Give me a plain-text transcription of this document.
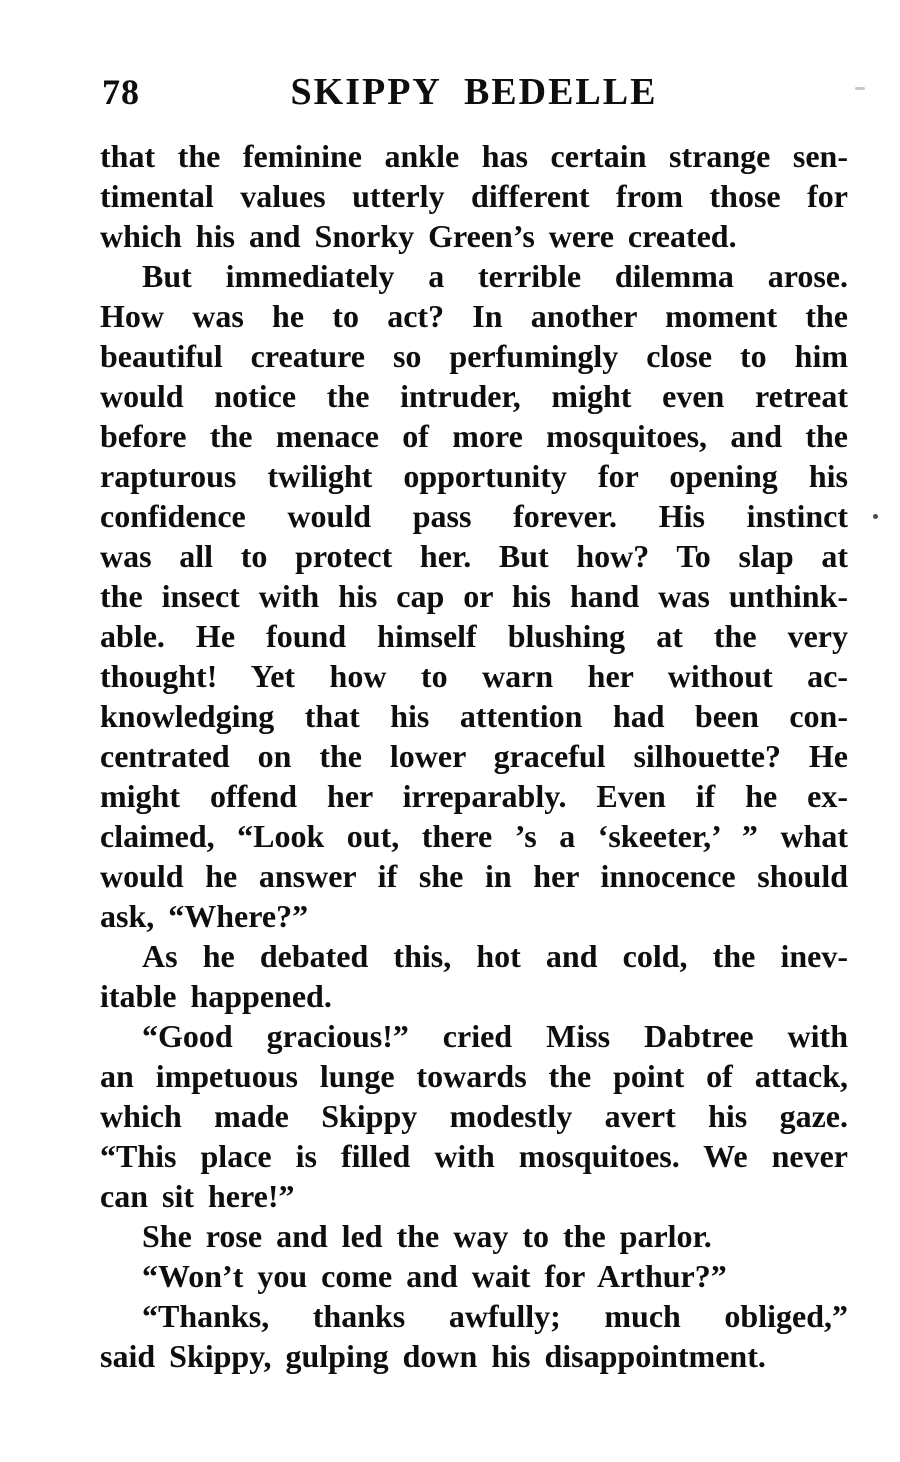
78	SKIPPY BEDELLE
that the feminine ankle has certain strange sen-
timental values utterly different from those for
which his and Snorky Green’s were created.
But immediately a terrible dilemma arose.
How was he to act? In another moment the
beautiful creature so perfumingly close to him
would notice the intruder, might even retreat
before the menace of more mosquitoes, and the
rapturous twilight opportunity for opening his
confidence would pass forever. His instinct
was all to protect her. But how? To slap at
the insect with his cap or his hand was unthink-
able. He found himself blushing at the very
thought! Yet how to warn her without ac-
knowledging that his attention had been con-
centrated on the lower graceful silhouette? He
might offend her irreparably. Even if he ex-
claimed, “Look out, there ’s a ‘skeeter,’ ” what
would he answer if she in her innocence should
ask, “Where?”
As he debated this, hot and cold, the inev-
itable happened.
“Good gracious!” cried Miss Dabtree with
an impetuous lunge towards the point of attack,
which made Skippy modestly avert his gaze.
“This place is filled with mosquitoes. We never
can sit here!”
She rose and led the way to the parlor.
“Won’t you come and wait for Arthur?”
“Thanks, thanks awfully; much obliged,”
said Skippy, gulping down his disappointment.
